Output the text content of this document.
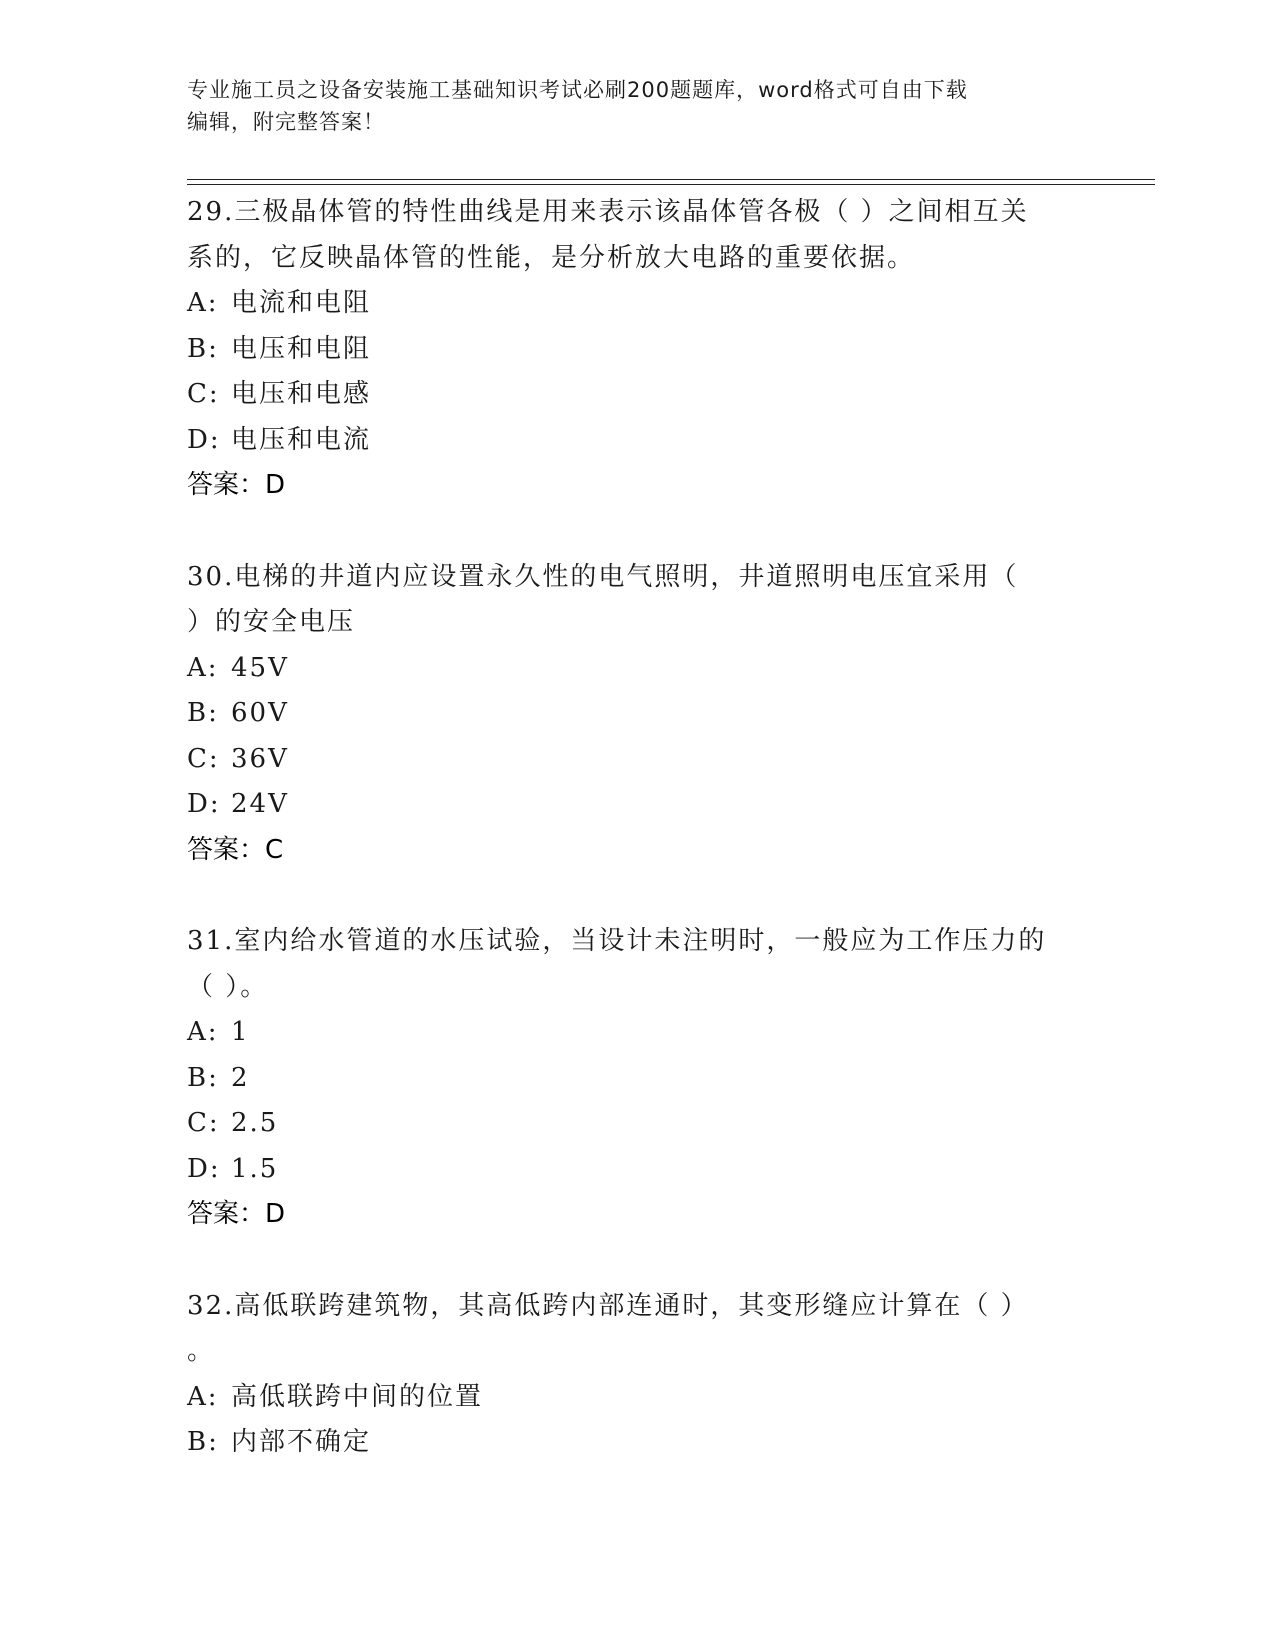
专业施工员之设备安装施工基础知识考试必刷200题题库，word格式可自由下载
编辑，附完整答案！
29.三极晶体管的特性曲线是用来表示该晶体管各极（ ）之间相互关
系的，它反映晶体管的性能，是分析放大电路的重要依据。
A: 电流和电阻
B: 电压和电阻
C: 电压和电感
D: 电压和电流
答案：D
30.电梯的井道内应设置永久性的电气照明，井道照明电压宜采用（
）的安全电压
A: 45V
B: 60V
C: 36V
D: 24V
答案：C
31.室内给水管道的水压试验，当设计未注明时，一般应为工作压力的
（ ）。
A: 1
B: 2
C: 2.5
D: 1.5
答案：D
32.高低联跨建筑物，其高低跨内部连通时，其变形缝应计算在（ ）
。
A: 高低联跨中间的位置
B: 内部不确定
